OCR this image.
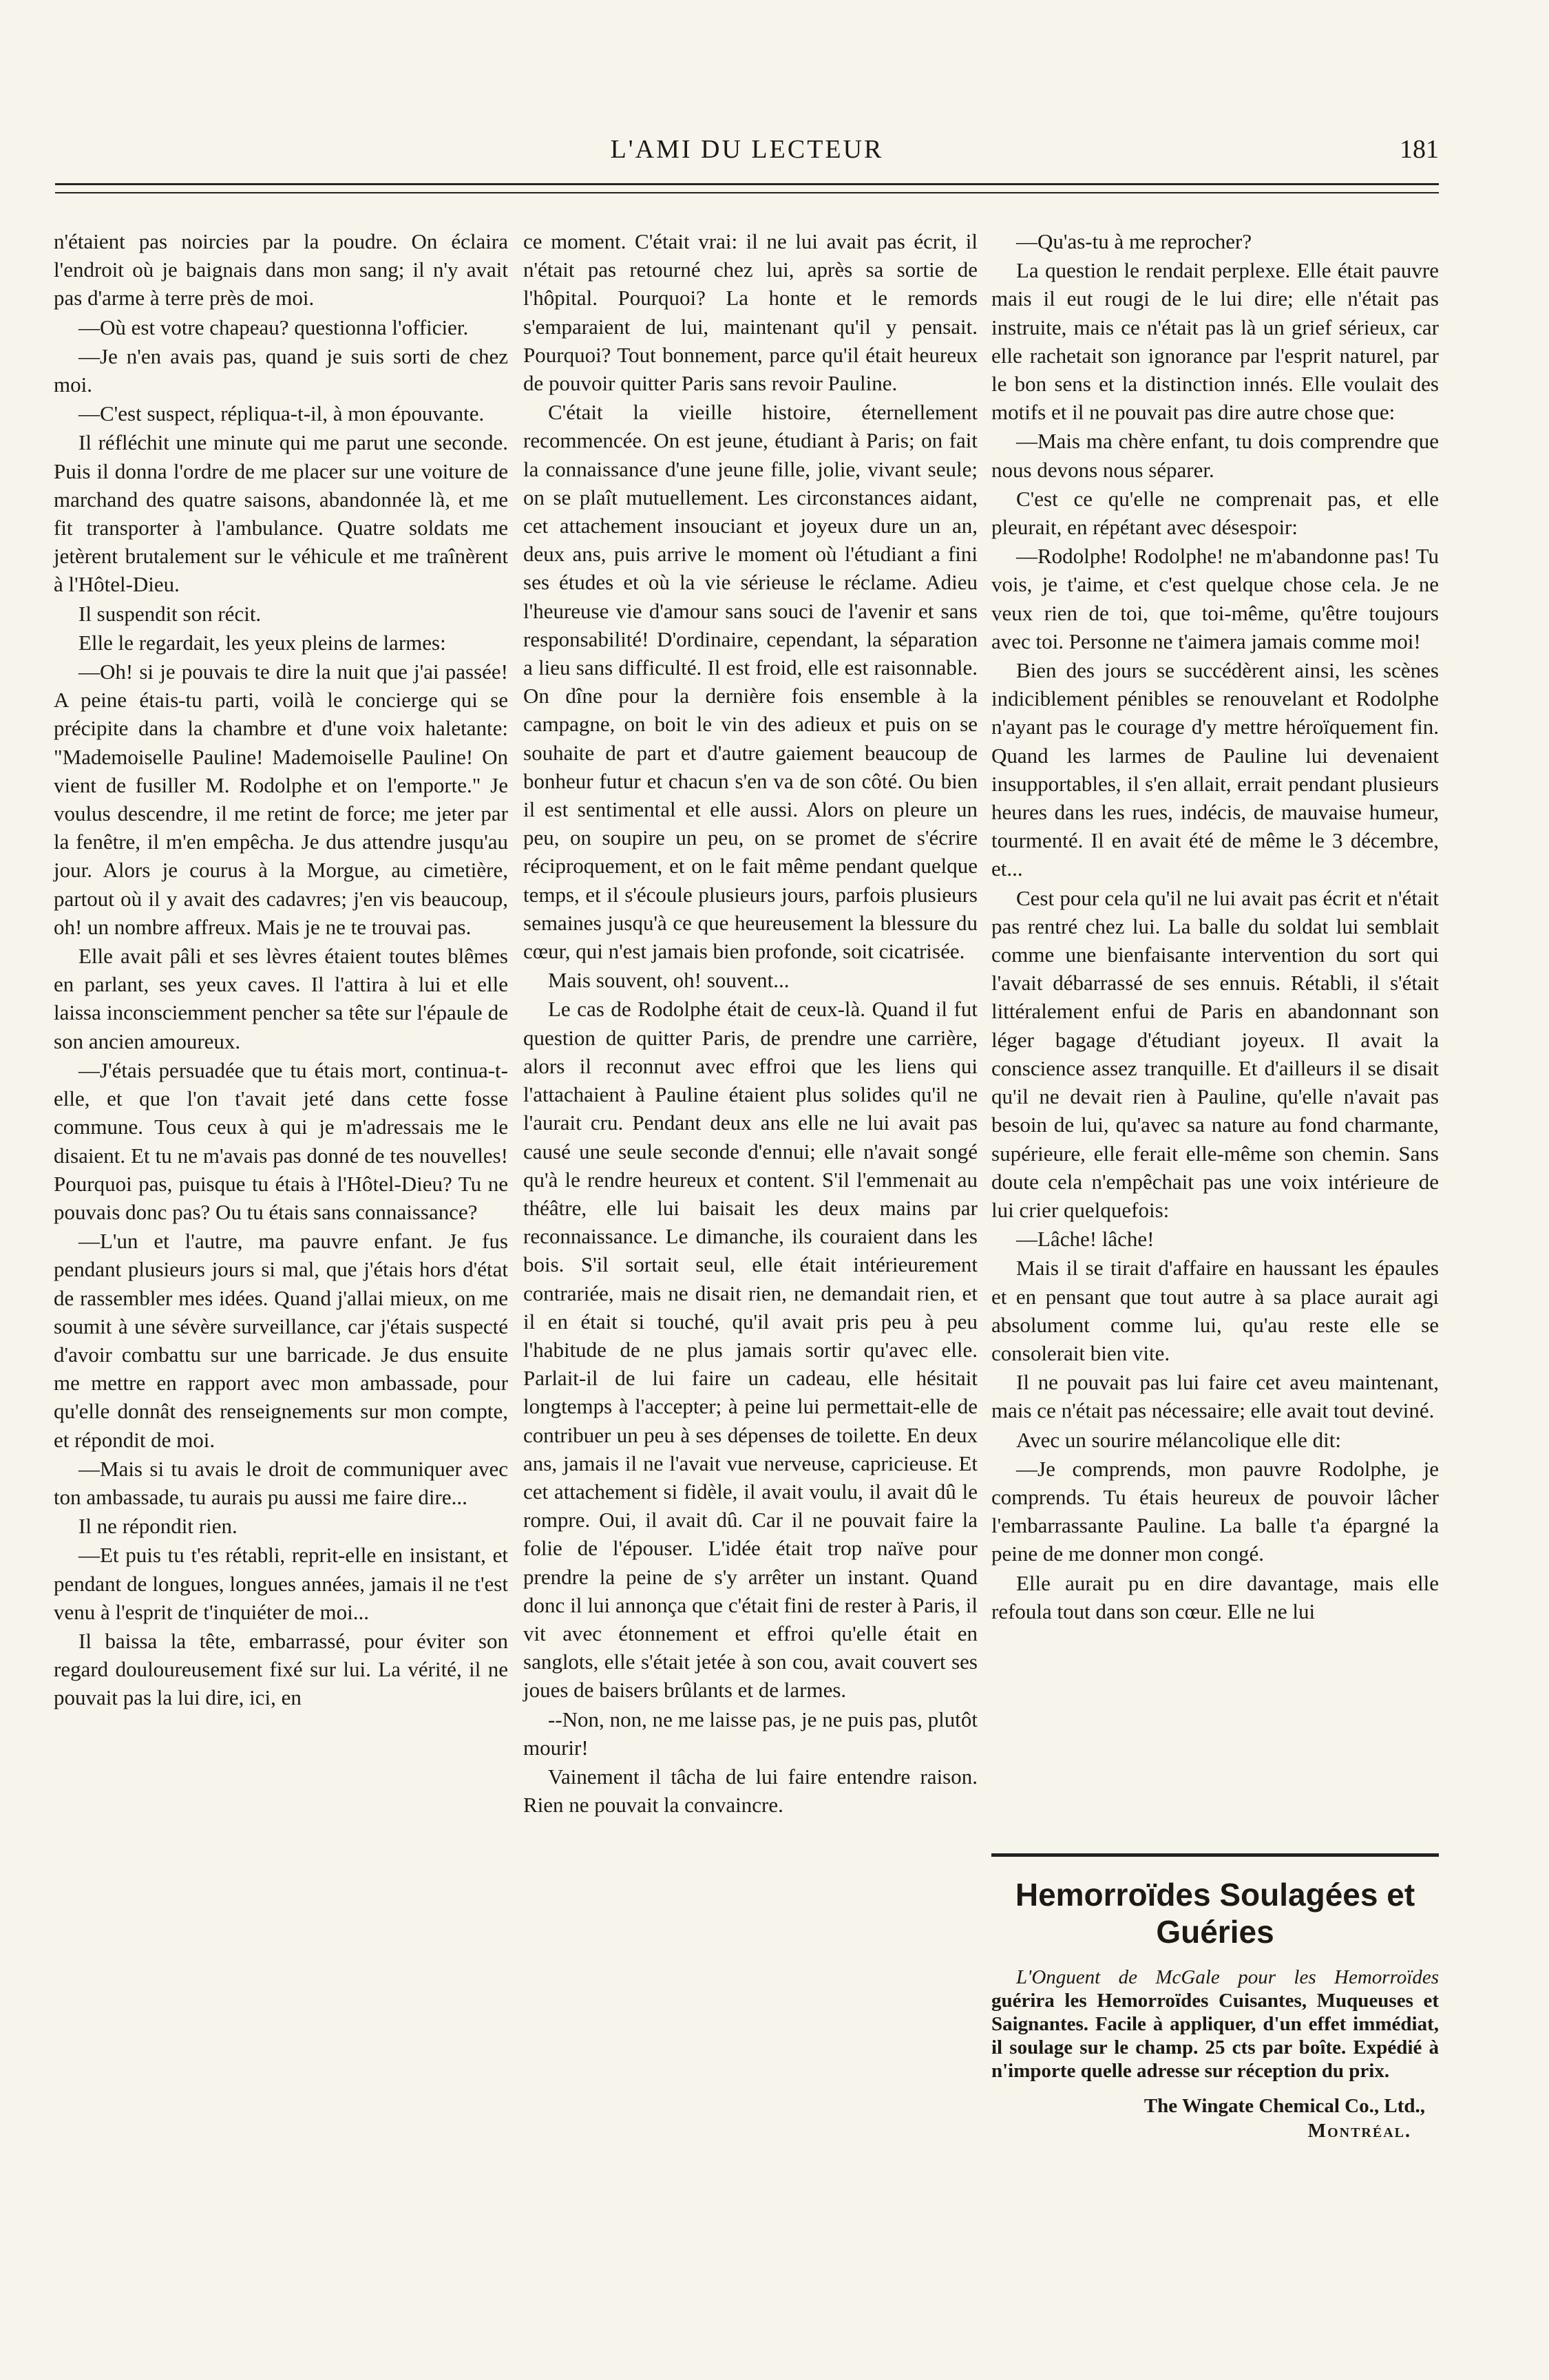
L'AMI DU LECTEUR	181

n'étaient pas noircies par la poudre. On éclaira l'endroit où je baignais dans mon sang; il n'y avait pas d'arme à terre près de moi.

—Où est votre chapeau? questionna l'officier.

—Je n'en avais pas, quand je suis sorti de chez moi.

—C'est suspect, répliqua-t-il, à mon épouvante.

Il réfléchit une minute qui me parut une seconde. Puis il donna l'ordre de me placer sur une voiture de marchand des quatre saisons, abandonnée là, et me fit transporter à l'ambulance. Quatre soldats me jetèrent brutalement sur le véhicule et me traînèrent à l'Hôtel-Dieu.

Il suspendit son récit.

Elle le regardait, les yeux pleins de larmes:

—Oh! si je pouvais te dire la nuit que j'ai passée! A peine étais-tu parti, voilà le concierge qui se précipite dans la chambre et d'une voix haletante: "Mademoiselle Pauline! Mademoiselle Pauline! On vient de fusiller M. Rodolphe et on l'emporte." Je voulus descendre, il me retint de force; me jeter par la fenêtre, il m'en empêcha. Je dus attendre jusqu'au jour. Alors je courus à la Morgue, au cimetière, partout où il y avait des cadavres; j'en vis beaucoup, oh! un nombre affreux. Mais je ne te trouvai pas.

Elle avait pâli et ses lèvres étaient toutes blêmes en parlant, ses yeux caves. Il l'attira à lui et elle laissa inconsciemment pencher sa tête sur l'épaule de son ancien amoureux.

—J'étais persuadée que tu étais mort, continua-t-elle, et que l'on t'avait jeté dans cette fosse commune. Tous ceux à qui je m'adressais me le disaient. Et tu ne m'avais pas donné de tes nouvelles! Pourquoi pas, puisque tu étais à l'Hôtel-Dieu? Tu ne pouvais donc pas? Ou tu étais sans connaissance?

—L'un et l'autre, ma pauvre enfant. Je fus pendant plusieurs jours si mal, que j'étais hors d'état de rassembler mes idées. Quand j'allai mieux, on me soumit à une sévère surveillance, car j'étais suspecté d'avoir combattu sur une barricade. Je dus ensuite me mettre en rapport avec mon ambassade, pour qu'elle donnât des renseignements sur mon compte, et répondit de moi.

—Mais si tu avais le droit de communiquer avec ton ambassade, tu aurais pu aussi me faire dire...

Il ne répondit rien.

—Et puis tu t'es rétabli, reprit-elle en insistant, et pendant de longues, longues années, jamais il ne t'est venu à l'esprit de t'inquiéter de moi...

Il baissa la tête, embarrassé, pour éviter son regard douloureusement fixé sur lui. La vérité, il ne pouvait pas la lui dire, ici, en

ce moment. C'était vrai: il ne lui avait pas écrit, il n'était pas retourné chez lui, après sa sortie de l'hôpital. Pourquoi? La honte et le remords s'emparaient de lui, maintenant qu'il y pensait. Pourquoi? Tout bonnement, parce qu'il était heureux de pouvoir quitter Paris sans revoir Pauline.

C'était la vieille histoire, éternellement recommencée. On est jeune, étudiant à Paris; on fait la connaissance d'une jeune fille, jolie, vivant seule; on se plaît mutuellement. Les circonstances aidant, cet attachement insouciant et joyeux dure un an, deux ans, puis arrive le moment où l'étudiant a fini ses études et où la vie sérieuse le réclame. Adieu l'heureuse vie d'amour sans souci de l'avenir et sans responsabilité! D'ordinaire, cependant, la séparation a lieu sans difficulté. Il est froid, elle est raisonnable. On dîne pour la dernière fois ensemble à la campagne, on boit le vin des adieux et puis on se souhaite de part et d'autre gaiement beaucoup de bonheur futur et chacun s'en va de son côté. Ou bien il est sentimental et elle aussi. Alors on pleure un peu, on soupire un peu, on se promet de s'écrire réciproquement, et on le fait même pendant quelque temps, et il s'écoule plusieurs jours, parfois plusieurs semaines jusqu'à ce que heureusement la blessure du cœur, qui n'est jamais bien profonde, soit cicatrisée.

Mais souvent, oh! souvent...

Le cas de Rodolphe était de ceux-là. Quand il fut question de quitter Paris, de prendre une carrière, alors il reconnut avec effroi que les liens qui l'attachaient à Pauline étaient plus solides qu'il ne l'aurait cru. Pendant deux ans elle ne lui avait pas causé une seule seconde d'ennui; elle n'avait songé qu'à le rendre heureux et content. S'il l'emmenait au théâtre, elle lui baisait les deux mains par reconnaissance. Le dimanche, ils couraient dans les bois. S'il sortait seul, elle était intérieurement contrariée, mais ne disait rien, ne demandait rien, et il en était si touché, qu'il avait pris peu à peu l'habitude de ne plus jamais sortir qu'avec elle. Parlait-il de lui faire un cadeau, elle hésitait longtemps à l'accepter; à peine lui permettait-elle de contribuer un peu à ses dépenses de toilette. En deux ans, jamais il ne l'avait vue nerveuse, capricieuse. Et cet attachement si fidèle, il avait voulu, il avait dû le rompre. Oui, il avait dû. Car il ne pouvait faire la folie de l'épouser. L'idée était trop naïve pour prendre la peine de s'y arrêter un instant. Quand donc il lui annonça que c'était fini de rester à Paris, il vit avec étonnement et effroi qu'elle était en sanglots, elle s'était jetée à son cou, avait couvert ses joues de baisers brûlants et de larmes.

--Non, non, ne me laisse pas, je ne puis pas, plutôt mourir!

Vainement il tâcha de lui faire entendre raison. Rien ne pouvait la convaincre.

—Qu'as-tu à me reprocher?

La question le rendait perplexe. Elle était pauvre mais il eut rougi de le lui dire; elle n'était pas instruite, mais ce n'était pas là un grief sérieux, car elle rachetait son ignorance par l'esprit naturel, par le bon sens et la distinction innés. Elle voulait des motifs et il ne pouvait pas dire autre chose que:

—Mais ma chère enfant, tu dois comprendre que nous devons nous séparer.

C'est ce qu'elle ne comprenait pas, et elle pleurait, en répétant avec désespoir:

—Rodolphe! Rodolphe! ne m'abandonne pas! Tu vois, je t'aime, et c'est quelque chose cela. Je ne veux rien de toi, que toi-même, qu'être toujours avec toi. Personne ne t'aimera jamais comme moi!

Bien des jours se succédèrent ainsi, les scènes indiciblement pénibles se renouvelant et Rodolphe n'ayant pas le courage d'y mettre héroïquement fin. Quand les larmes de Pauline lui devenaient insupportables, il s'en allait, errait pendant plusieurs heures dans les rues, indécis, de mauvaise humeur, tourmenté. Il en avait été de même le 3 décembre, et...

Cest pour cela qu'il ne lui avait pas écrit et n'était pas rentré chez lui. La balle du soldat lui semblait comme une bienfaisante intervention du sort qui l'avait débarrassé de ses ennuis. Rétabli, il s'était littéralement enfui de Paris en abandonnant son léger bagage d'étudiant joyeux. Il avait la conscience assez tranquille. Et d'ailleurs il se disait qu'il ne devait rien à Pauline, qu'elle n'avait pas besoin de lui, qu'avec sa nature au fond charmante, supérieure, elle ferait elle-même son chemin. Sans doute cela n'empêchait pas une voix intérieure de lui crier quelquefois:

—Lâche! lâche!

Mais il se tirait d'affaire en haussant les épaules et en pensant que tout autre à sa place aurait agi absolument comme lui, qu'au reste elle se consolerait bien vite.

Il ne pouvait pas lui faire cet aveu maintenant, mais ce n'était pas nécessaire; elle avait tout deviné.

Avec un sourire mélancolique elle dit:

—Je comprends, mon pauvre Rodolphe, je comprends. Tu étais heureux de pouvoir lâcher l'embarrassante Pauline. La balle t'a épargné la peine de me donner mon congé.

Elle aurait pu en dire davantage, mais elle refoula tout dans son cœur. Elle ne lui

Hemorroïdes Soulagées et Guéries

L'Onguent de McGale pour les Hemorroïdes guérira les Hemorroïdes Cuisantes, Muqueuses et Saignantes. Facile à appliquer, d'un effet immédiat, il soulage sur le champ. 25 cts par boîte. Expédié à n'importe quelle adresse sur réception du prix.

The Wingate Chemical Co., Ltd.,

Montréal.
